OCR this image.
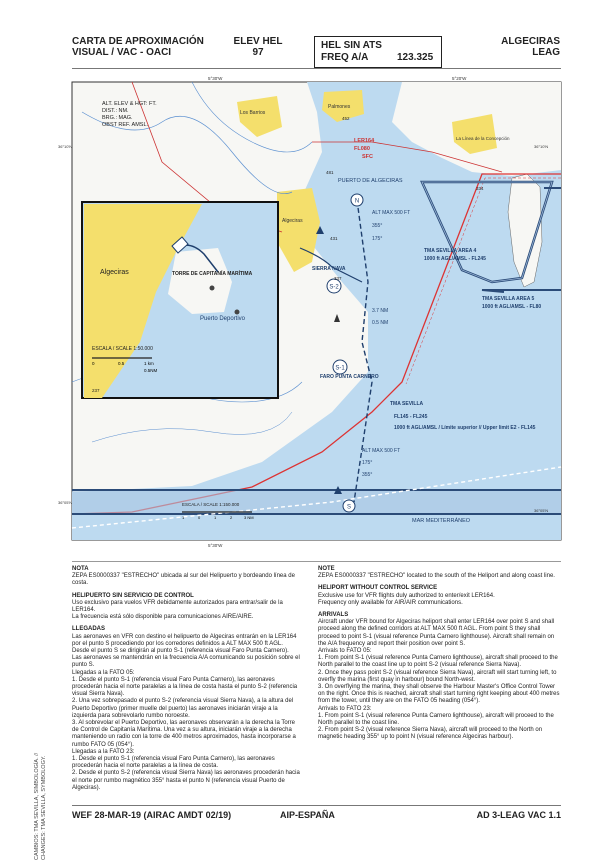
CARTA DE APROXIMACIÓN
VISUAL / VAC - OACI
ELEV HEL
97
HEL SIN ATS
FREQ A/A	123.325
ALGECIRAS
LEAG
N
S-2
S-1
S
Algeciras	TORRE DE CAPITANÍA MARÍTIMA
Puerto Deportivo
ESCALA / SCALE 1:50.000
0	0.5	1 km
0.5NM
5°30'W	5°20'W
5°30'W
36°10'N
36°05'N
36°10'N
36°05'N
ALT. ELEV & HGT: FT.
DIST.: NM.
BRG.: MAG.
OBST REF. AMSL.
Los Barrios
Palmones
Algeciras
La Línea de la Concepción
LER164
FL080
SFC
PUERTO DE ALGECIRAS
TMA SEVILLA AREA 4
1000 ft AGL/AMSL - FL245
TMA SEVILLA AREA 5
1000 ft AGL/AMSL - FL80
TMA SEVILLA
FL145 - FL245
1000 ft AGL/AMSL / Límite superior // Upper limit E2 - FL145
SIERRA NAVA
FARO PUNTA CARNERO
MAR MEDITERRÁNEO
ALT MAX 500 FT
355°
175°
3.7 NM
0.5 NM
ALT MAX 500 FT
175°
355°
481
452
431
337
334
237
ESCALA / SCALE 1:150.000
1	0	1	2	3 NM
NOTA

ZEPA ES0000337 "ESTRECHO" ubicada al sur del Helipuerto y bordeando línea de costa.

HELIPUERTO SIN SERVICIO DE CONTROL

Uso exclusivo para vuelos VFR debidamente autorizados para entrar/salir de la LER164.

La frecuencia está sólo disponible para comunicaciones AIRE/AIRE.

LLEGADAS

Las aeronaves en VFR con destino el helipuerto de Algeciras entrarán en la LER164 por el punto S procediendo por los corredores definidos a ALT MAX 500 ft AGL. Desde el punto S se dirigirán al punto S-1 (referencia visual Faro Punta Carnero). Las aeronaves se mantendrán en la frecuencia A/A comunicando su posición sobre el punto S.

Llegadas a la FATO 05:

1. Desde el punto S-1 (referencia visual Faro Punta Carnero), las aeronaves procederán hacia el norte paralelas a la línea de costa hasta el punto S-2 (referencia visual Sierra Nava).

2. Una vez sobrepasado el punto S-2 (referencia visual Sierra Nava), a la altura del Puerto Deportivo (primer muelle del puerto) las aeronaves iniciarán viraje a la izquierda para sobrevolarlo rumbo noroeste.

3. Al sobrevolar el Puerto Deportivo, las aeronaves observarán a la derecha la Torre de Control de Capitanía Marítima. Una vez a su altura, iniciarán viraje a la derecha manteniendo un radio con la torre de 400 metros aproximados, hasta incorporarse a rumbo FATO 05 (054°).

Llegadas a la FATO 23:

1. Desde el punto S-1 (referencia visual Faro Punta Carnero), las aeronaves procederán hacia el norte paralelas a la línea de costa.

2. Desde el punto S-2 (referencia visual Sierra Nava) las aeronaves procederán hacia el norte por rumbo magnético 355° hasta el punto N (referencia visual Puerto de Algeciras).

NOTE

ZEPA ES0000337 "ESTRECHO" located to the south of the Heliport and along coast line.

HELIPORT WITHOUT CONTROL SERVICE

Exclusive use for VFR flights duly authorized to enter/exit LER164.

Frequency only available for AIR/AIR communications.

ARRIVALS

Aircraft under VFR bound for Algeciras heliport shall enter LER164 over point S and shall proceed along the defined corridors at ALT MAX 500 ft AGL. From point S they shall proceed to point S-1 (visual reference Punta Carnero lighthouse). Aircraft shall remain on the A/A frequency and report their position over point S.

Arrivals to FATO 05:

1. From point S-1 (visual reference Punta Carnero lighthouse), aircraft shall proceed to the North parallel to the coast line up to point S-2 (visual reference Sierra Nava).

2. Once they pass point S-2 (visual reference Sierra Nava), aircraft will start turning left, to overfly the marina (first quay in harbour) bound North-west.

3. On overflying the marina, they shall observe the Harbour Master's Office Control Tower on the right. Once this is reached, aircraft shall start turning right keeping about 400 metres from the tower, until they are on the FATO 05 heading (054°).

Arrivals to FATO 23:

1. From point S-1 (visual reference Punta Carnero lighthouse), aircraft will proceed to the North parallel to the coast line.

2. From point S-2 (visual reference Sierra Nava), aircraft will proceed to the North on magnetic heading 355° up to point N (visual reference Algeciras harbour).

CAMBIOS: TMA SEVILLA, SIMBOLOGÍA. // CHANGES: TMA SEVILLA, SYMBOLOGY.	WEF 28-MAR-19 (AIRAC AMDT 02/19)	AIP-ESPAÑA	AD 3-LEAG VAC 1.1
